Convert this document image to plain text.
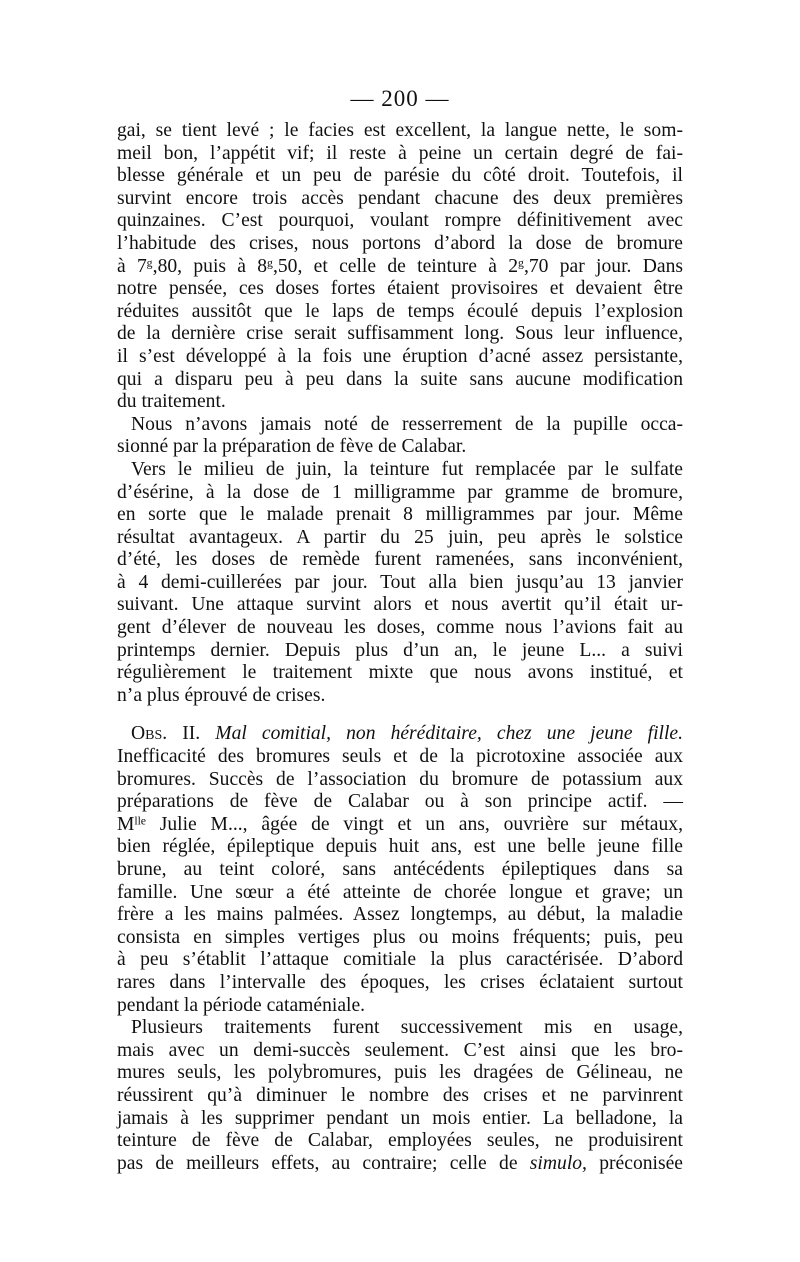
— 200 —
gai, se tient levé ; le facies est excellent, la langue nette, le som-
meil bon, l’appétit vif; il reste à peine un certain degré de fai-
blesse générale et un peu de parésie du côté droit. Toutefois, il
survint encore trois accès pendant chacune des deux premières
quinzaines. C’est pourquoi, voulant rompre définitivement avec
l’habitude des crises, nous portons d’abord la dose de bromure
à 7ᵍ,80, puis à 8ᵍ,50, et celle de teinture à 2ᵍ,70 par jour. Dans
notre pensée, ces doses fortes étaient provisoires et devaient être
réduites aussitôt que le laps de temps écoulé depuis l’explosion
de la dernière crise serait suffisamment long. Sous leur influence,
il s’est développé à la fois une éruption d’acné assez persistante,
qui a disparu peu à peu dans la suite sans aucune modification
du traitement.
Nous n’avons jamais noté de resserrement de la pupille occa-
sionné par la préparation de fève de Calabar.
Vers le milieu de juin, la teinture fut remplacée par le sulfate
d’ésérine, à la dose de 1 milligramme par gramme de bromure,
en sorte que le malade prenait 8 milligrammes par jour. Même
résultat avantageux. A partir du 25 juin, peu après le solstice
d’été, les doses de remède furent ramenées, sans inconvénient,
à 4 demi-cuillerées par jour. Tout alla bien jusqu’au 13 janvier
suivant. Une attaque survint alors et nous avertit qu’il était ur-
gent d’élever de nouveau les doses, comme nous l’avions fait au
printemps dernier. Depuis plus d’un an, le jeune L... a suivi
régulièrement le traitement mixte que nous avons institué, et
n’a plus éprouvé de crises.
Obs. II. Mal comitial, non héréditaire, chez une jeune fille.
Inefficacité des bromures seuls et de la picrotoxine associée aux
bromures. Succès de l’association du bromure de potassium aux
préparations de fève de Calabar ou à son principe actif. —
Mˡˡᵉ Julie M..., âgée de vingt et un ans, ouvrière sur métaux,
bien réglée, épileptique depuis huit ans, est une belle jeune fille
brune, au teint coloré, sans antécédents épileptiques dans sa
famille. Une sœur a été atteinte de chorée longue et grave; un
frère a les mains palmées. Assez longtemps, au début, la maladie
consista en simples vertiges plus ou moins fréquents; puis, peu
à peu s’établit l’attaque comitiale la plus caractérisée. D’abord
rares dans l’intervalle des époques, les crises éclataient surtout
pendant la période cataméniale.
Plusieurs traitements furent successivement mis en usage,
mais avec un demi-succès seulement. C’est ainsi que les bro-
mures seuls, les polybromures, puis les dragées de Gélineau, ne
réussirent qu’à diminuer le nombre des crises et ne parvinrent
jamais à les supprimer pendant un mois entier. La belladone, la
teinture de fève de Calabar, employées seules, ne produisirent
pas de meilleurs effets, au contraire; celle de simulo, préconisée
